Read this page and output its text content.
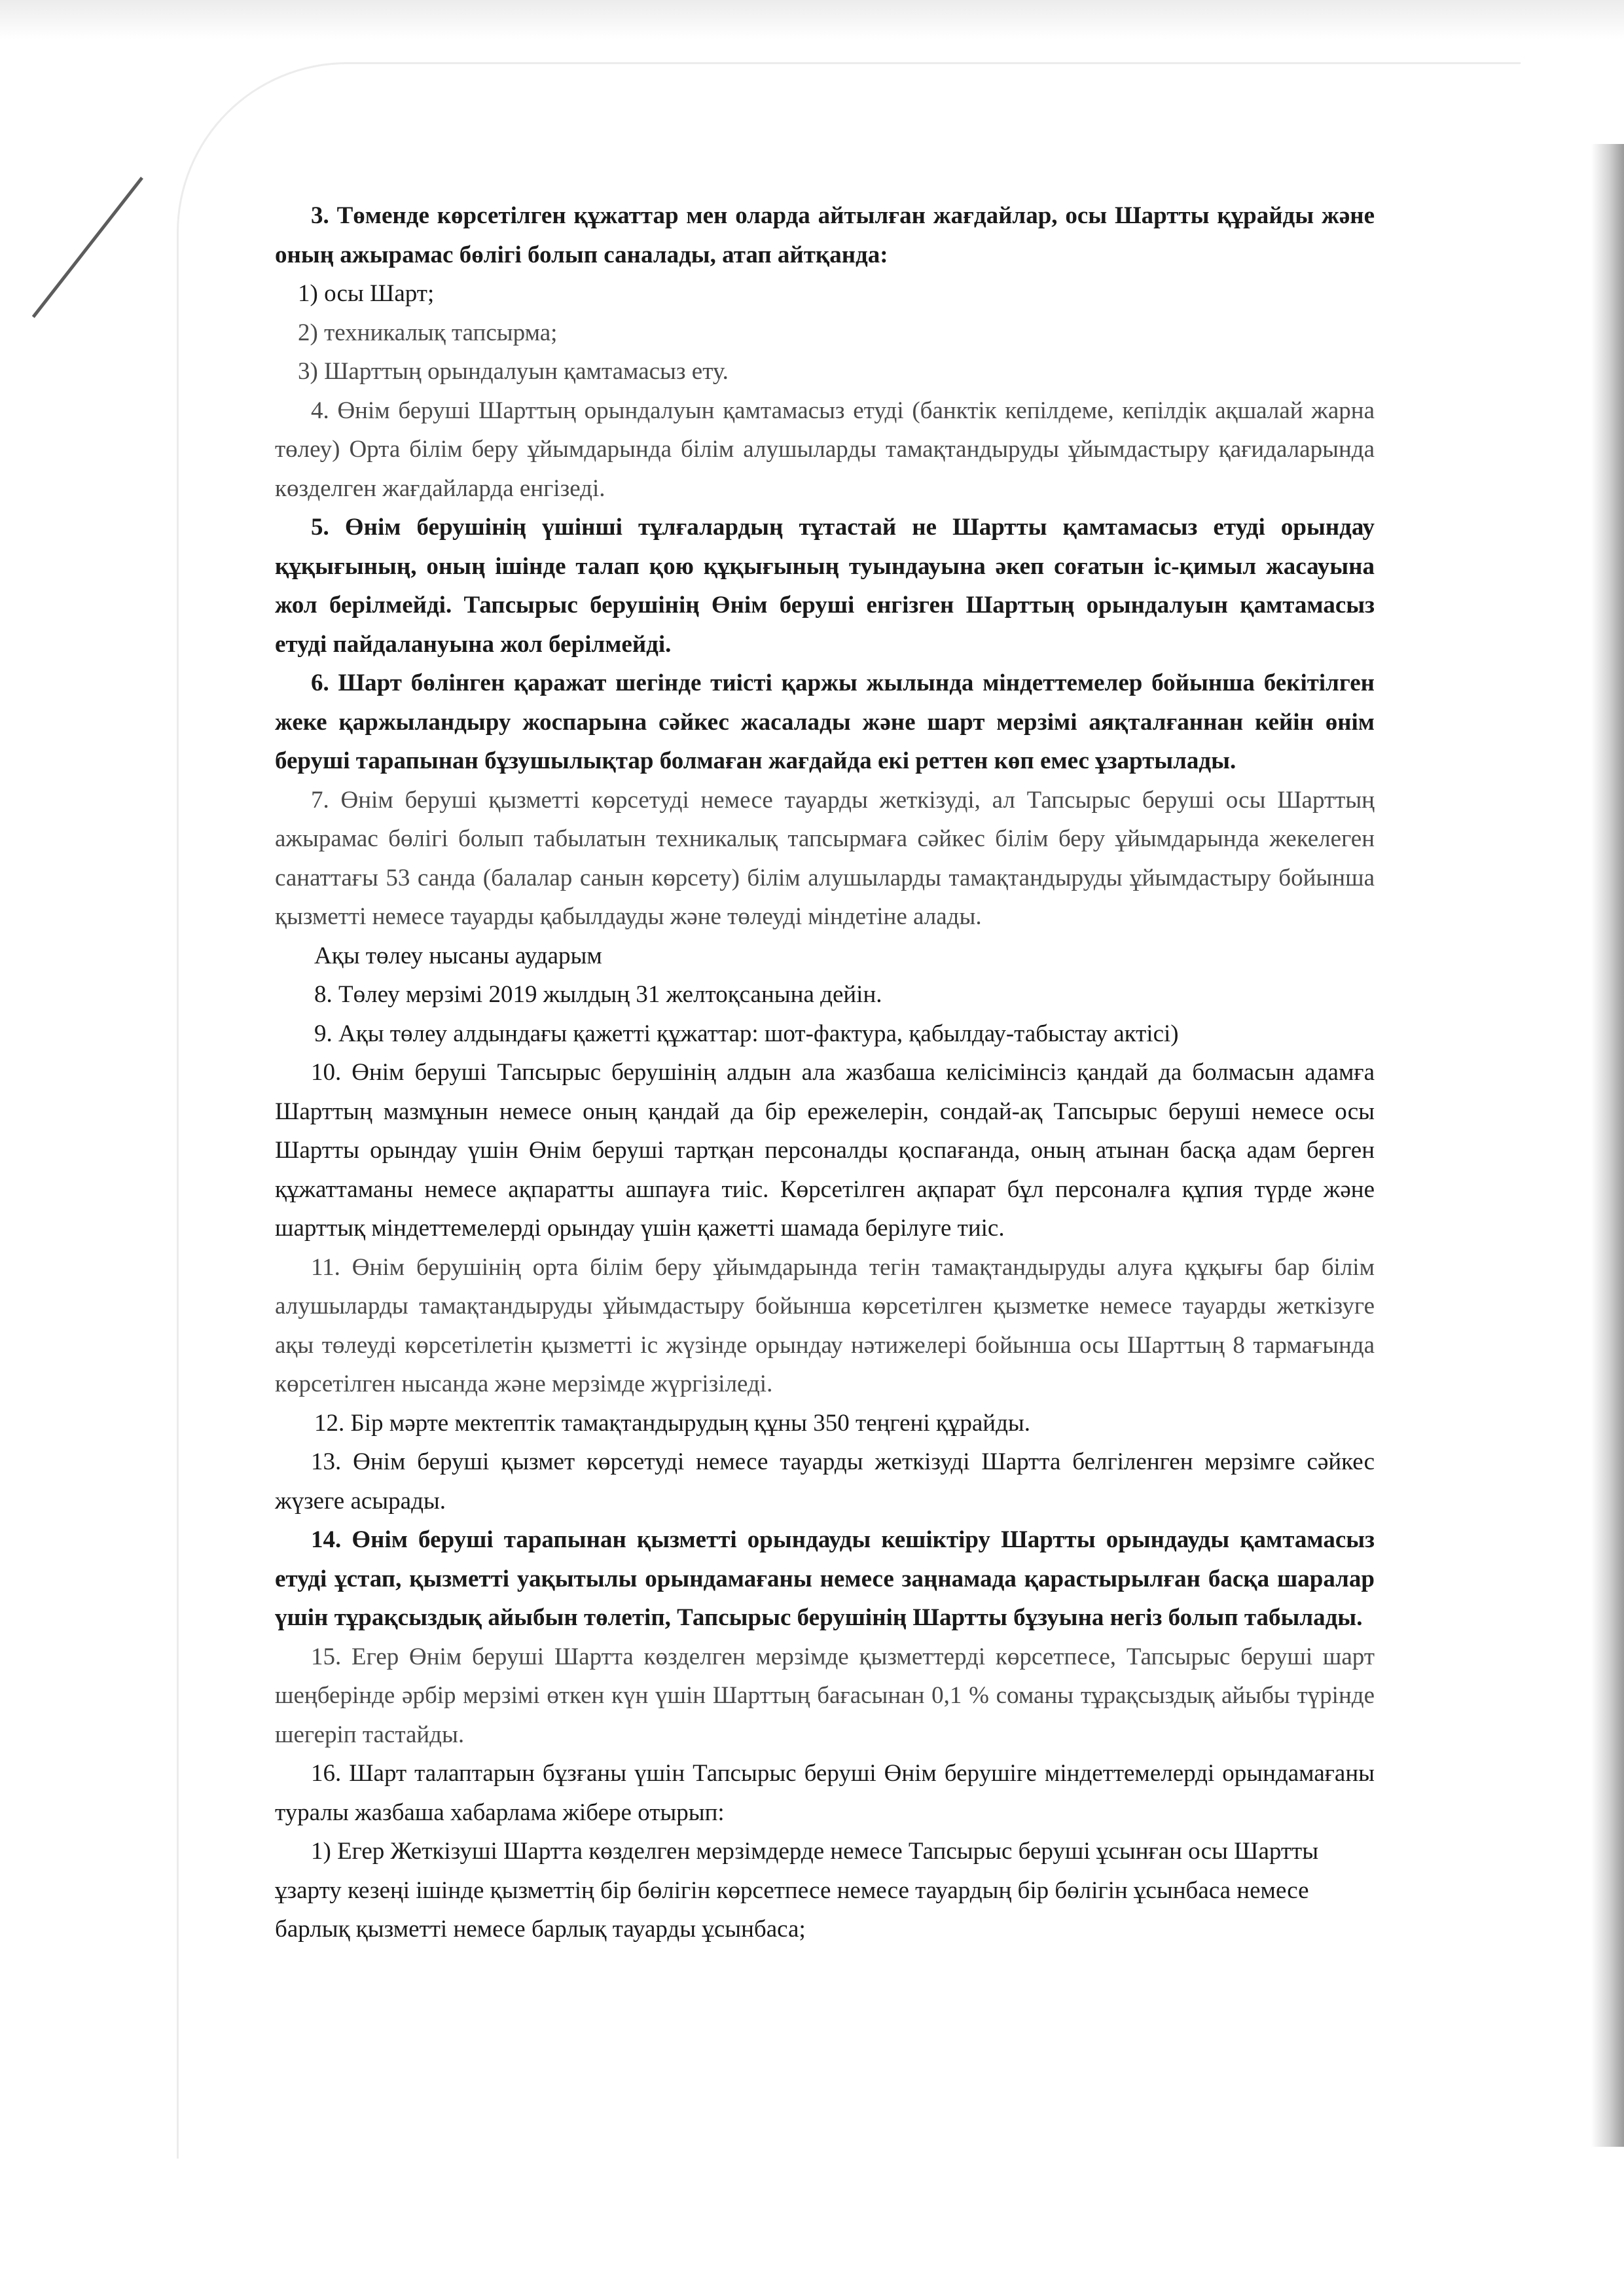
3. Төменде көрсетілген құжаттар мен оларда айтылған жағдайлар, осы Шартты құрайды және оның ажырамас бөлігі болып саналады, атап айтқанда:

1) осы Шарт;

2) техникалық тапсырма;

3) Шарттың орындалуын қамтамасыз ету.

4. Өнім беруші Шарттың орындалуын қамтамасыз етуді (банктік кепілдеме, кепілдік ақшалай жарна төлеу) Орта білім беру ұйымдарында білім алушыларды тамақтандыруды ұйымдастыру қағидаларында көзделген жағдайларда енгізеді.

5. Өнім берушінің үшінші тұлғалардың тұтастай не Шартты қамтамасыз етуді орындау құқығының, оның ішінде талап қою құқығының туындауына әкеп соғатын іс-қимыл жасауына жол берілмейді. Тапсырыс берушінің Өнім беруші енгізген Шарттың орындалуын қамтамасыз етуді пайдалануына жол берілмейді.

6. Шарт бөлінген қаражат шегінде тиісті қаржы жылында міндеттемелер бойынша бекітілген жеке қаржыландыру жоспарына сәйкес жасалады және шарт мерзімі аяқталғаннан кейін өнім беруші тарапынан бұзушылықтар болмаған жағдайда екі реттен көп емес ұзартылады.

7. Өнім беруші қызметті көрсетуді немесе тауарды жеткізуді, ал Тапсырыс беруші осы Шарттың ажырамас бөлігі болып табылатын техникалық тапсырмаға сәйкес білім беру ұйымдарында жекелеген санаттағы 53 санда (балалар санын көрсету) білім алушыларды тамақтандыруды ұйымдастыру бойынша қызметті немесе тауарды қабылдауды және төлеуді міндетіне алады.

Ақы төлеу нысаны аударым

8. Төлеу мерзімі 2019 жылдың 31 желтоқсанына дейін.

9. Ақы төлеу алдындағы қажетті құжаттар: шот-фактура, қабылдау-табыстау актісі)

10. Өнім беруші Тапсырыс берушінің алдын ала жазбаша келісімінсіз қандай да болмасын адамға Шарттың мазмұнын немесе оның қандай да бір ережелерін, сондай-ақ Тапсырыс беруші немесе осы Шартты орындау үшін Өнім беруші тартқан персоналды қоспағанда, оның атынан басқа адам берген құжаттаманы немесе ақпаратты ашпауға тиіс. Көрсетілген ақпарат бұл персоналға құпия түрде және шарттық міндеттемелерді орындау үшін қажетті шамада берілуге тиіс.

11. Өнім берушінің орта білім беру ұйымдарында тегін тамақтандыруды алуға құқығы бар білім алушыларды тамақтандыруды ұйымдастыру бойынша көрсетілген қызметке немесе тауарды жеткізуге ақы төлеуді көрсетілетін қызметті іс жүзінде орындау нәтижелері бойынша осы Шарттың 8 тармағында көрсетілген нысанда және мерзімде жүргізіледі.

12. Бір мәрте мектептік тамақтандырудың құны 350 теңгені құрайды.

13. Өнім беруші қызмет көрсетуді немесе тауарды жеткізуді Шартта белгіленген мерзімге сәйкес жүзеге асырады.

14. Өнім беруші тарапынан қызметті орындауды кешіктіру Шартты орындауды қамтамасыз етуді ұстап, қызметті уақытылы орындамағаны немесе заңнамада қарастырылған басқа шаралар үшін тұрақсыздық айыбын төлетіп, Тапсырыс берушінің Шартты бұзуына негіз болып табылады.

15. Егер Өнім беруші Шартта көзделген мерзімде қызметтерді көрсетпесе, Тапсырыс беруші шарт шеңберінде әрбір мерзімі өткен күн үшін Шарттың бағасынан 0,1 % соманы тұрақсыздық айыбы түрінде шегеріп тастайды.

16. Шарт талаптарын бұзғаны үшін Тапсырыс беруші Өнім берушіге міндеттемелерді орындамағаны туралы жазбаша хабарлама жібере отырып:

1) Егер Жеткізуші Шартта көзделген мерзімдерде немесе Тапсырыс беруші ұсынған осы Шартты ұзарту кезеңі ішінде қызметтің бір бөлігін көрсетпесе немесе тауардың бір бөлігін ұсынбаса немесе барлық қызметті немесе барлық тауарды ұсынбаса;
